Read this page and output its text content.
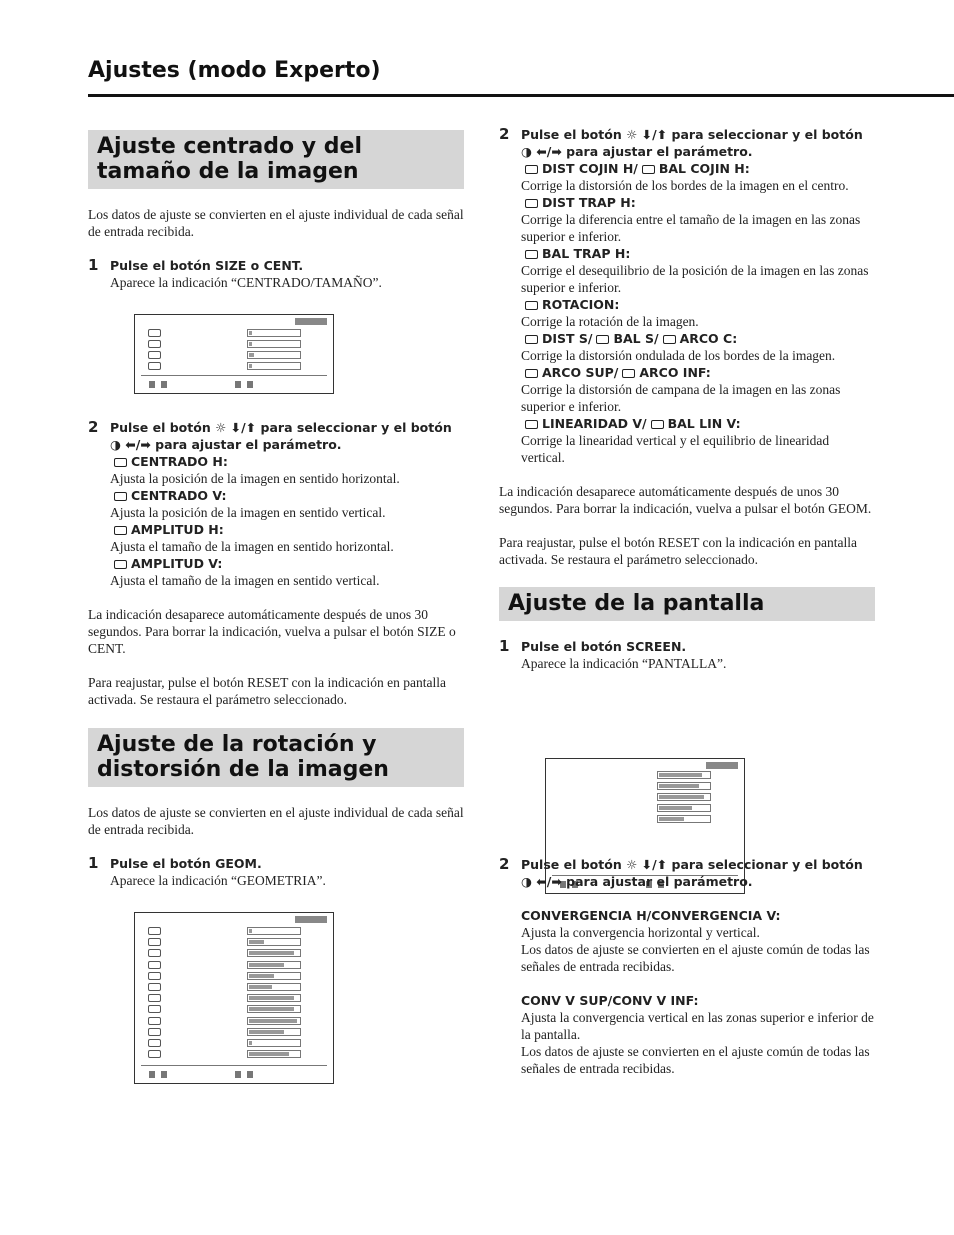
Ajustes (modo Experto)
Ajuste centrado y del tamaño de la imagen
Los datos de ajuste se convierten en el ajuste individual de cada señal de entrada recibida.
1 Pulse el botón SIZE o CENT.
Aparece la indicación “CENTRADO/TAMAÑO”.
2 Pulse el botón ☼ ⬇/⬆ para seleccionar y el botón ◑ ⬅/➡ para ajustar el parámetro.
CENTRADO H:
Ajusta la posición de la imagen en sentido horizontal.
CENTRADO V:
Ajusta la posición de la imagen en sentido vertical.
AMPLITUD H:
Ajusta el tamaño de la imagen en sentido horizontal.
AMPLITUD V:
Ajusta el tamaño de la imagen en sentido vertical.
La indicación desaparece automáticamente después de unos 30 segundos. Para borrar la indicación, vuelva a pulsar el botón SIZE o CENT.
Para reajustar, pulse el botón RESET con la indicación en pantalla activada. Se restaura el parámetro seleccionado.
Ajuste de la rotación y distorsión de la imagen
Los datos de ajuste se convierten en el ajuste individual de cada señal de entrada recibida.
1 Pulse el botón GEOM.
Aparece la indicación “GEOMETRIA”.
2 Pulse el botón ☼ ⬇/⬆ para seleccionar y el botón ◑ ⬅/➡ para ajustar el parámetro.
DIST COJIN H/ BAL COJIN H:
Corrige la distorsión de los bordes de la imagen en el centro.
DIST TRAP H:
Corrige la diferencia entre el tamaño de la imagen en las zonas superior e inferior.
BAL TRAP H:
Corrige el desequilibrio de la posición de la imagen en las zonas superior e inferior.
ROTACION:
Corrige la rotación de la imagen.
DIST S/ BAL S/ ARCO C:
Corrige la distorsión ondulada de los bordes de la imagen.
ARCO SUP/ ARCO INF:
Corrige la distorsión de campana de la imagen en las zonas superior e inferior.
LINEARIDAD V/ BAL LIN V:
Corrige la linearidad vertical y el equilibrio de linearidad vertical.
La indicación desaparece automáticamente después de unos 30 segundos. Para borrar la indicación, vuelva a pulsar el botón GEOM.
Para reajustar, pulse el botón RESET con la indicación en pantalla activada. Se restaura el parámetro seleccionado.
Ajuste de la pantalla
1 Pulse el botón SCREEN.
Aparece la indicación “PANTALLA”.
2 Pulse el botón ☼ ⬇/⬆ para seleccionar y el botón ◑ ⬅/➡ para ajustar el parámetro.
CONVERGENCIA H/CONVERGENCIA V:
Ajusta la convergencia horizontal y vertical.
Los datos de ajuste se convierten en el ajuste común de todas las señales de entrada recibidas.
CONV V SUP/CONV V INF:
Ajusta la convergencia vertical en las zonas superior e inferior de la pantalla.
Los datos de ajuste se convierten en el ajuste común de todas las señales de entrada recibidas.
